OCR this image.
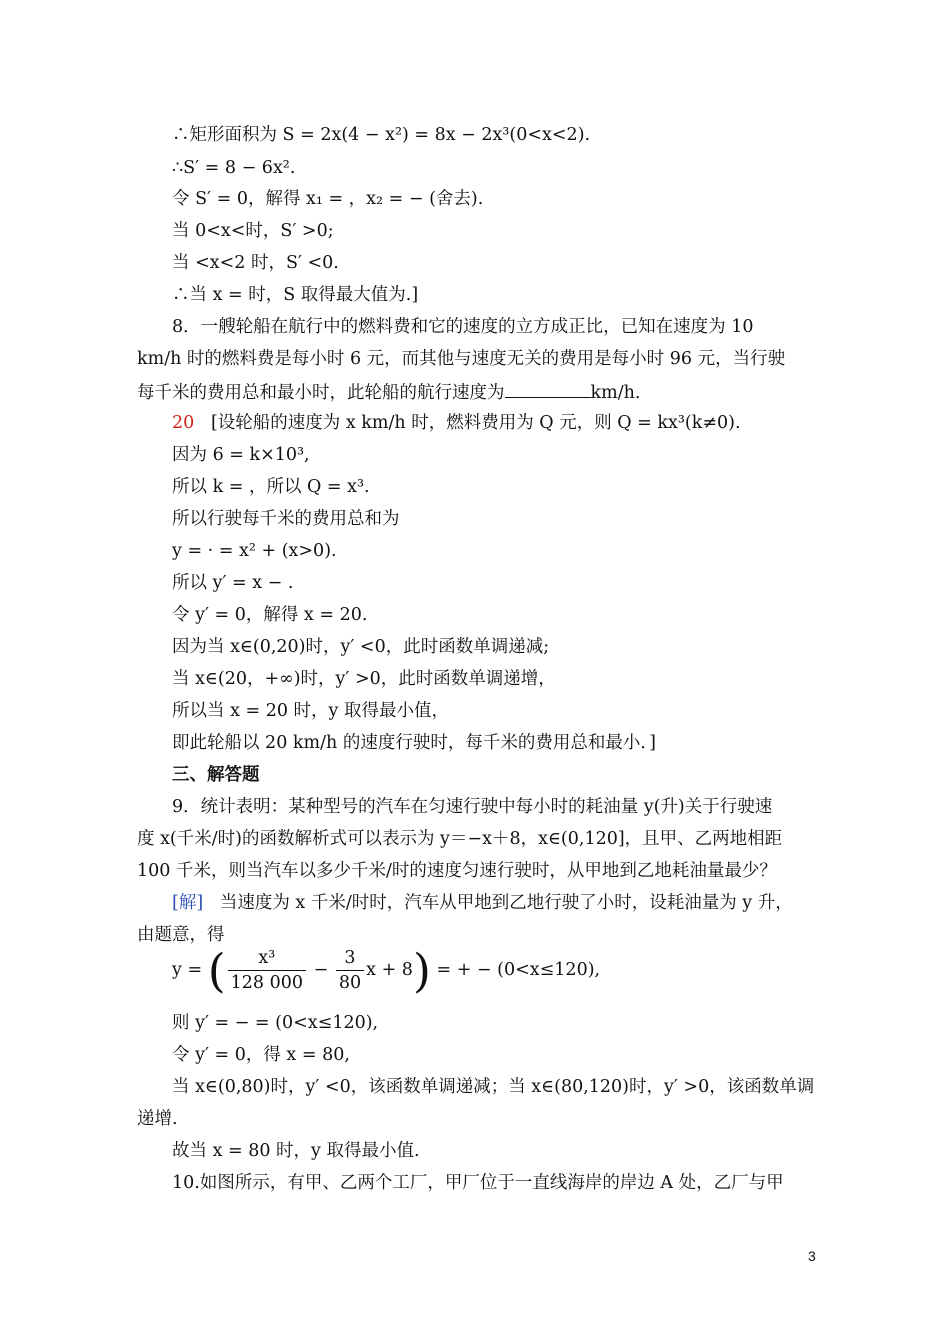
∴矩形面积为 S = 2x(4 − x²) = 8x − 2x³(0<x<2).
∴S′ = 8 − 6x².
令 S′ = 0，解得 x₁ = ，x₂ = − (舍去).
当 0<x<时，S′ >0;
当 <x<2 时，S′ <0.
∴当 x = 时，S 取得最大值为.]
8．一艘轮船在航行中的燃料费和它的速度的立方成正比，已知在速度为 10
km/h 时的燃料费是每小时 6 元，而其他与速度无关的费用是每小时 96 元，当行驶
每千米的费用总和最小时，此轮船的航行速度为	km/h.
20 [设轮船的速度为 x km/h 时，燃料费用为 Q 元，则 Q = kx³(k≠0).
因为 6 = k×10³,
所以 k = ，所以 Q = x³.
所以行驶每千米的费用总和为
y = · = x² + (x>0).
所以 y′ = x − .
令 y′ = 0，解得 x = 20.
因为当 x∈(0,20)时，y′ <0，此时函数单调递减;
当 x∈(20，+∞)时，y′ >0，此时函数单调递增，
所以当 x = 20 时，y 取得最小值，
即此轮船以 20 km/h 的速度行驶时，每千米的费用总和最小．]
三、解答题
9．统计表明：某种型号的汽车在匀速行驶中每小时的耗油量 y(升)关于行驶速
度 x(千米/时)的函数解析式可以表示为 y＝−x＋8，x∈(0,120]，且甲、乙两地相距
100 千米，则当汽车以多少千米/时的速度匀速行驶时，从甲地到乙地耗油量最少？
[解] 当速度为 x 千米/时时，汽车从甲地到乙地行驶了小时，设耗油量为 y 升，
由题意，得
y = ( $\frac{\text{x³}}{128 000} - \frac{3}{80}$ x + 8) = + − (0<x≤120),
则 y′ = − = (0<x≤120),
令 y′ = 0，得 x = 80,
当 x∈(0,80)时，y′ <0，该函数单调递减；当 x∈(80,120)时，y′ >0，该函数单调
递增.
故当 x = 80 时，y 取得最小值.
10.如图所示，有甲、乙两个工厂，甲厂位于一直线海岸的岸边 A 处，乙厂与甲
3
